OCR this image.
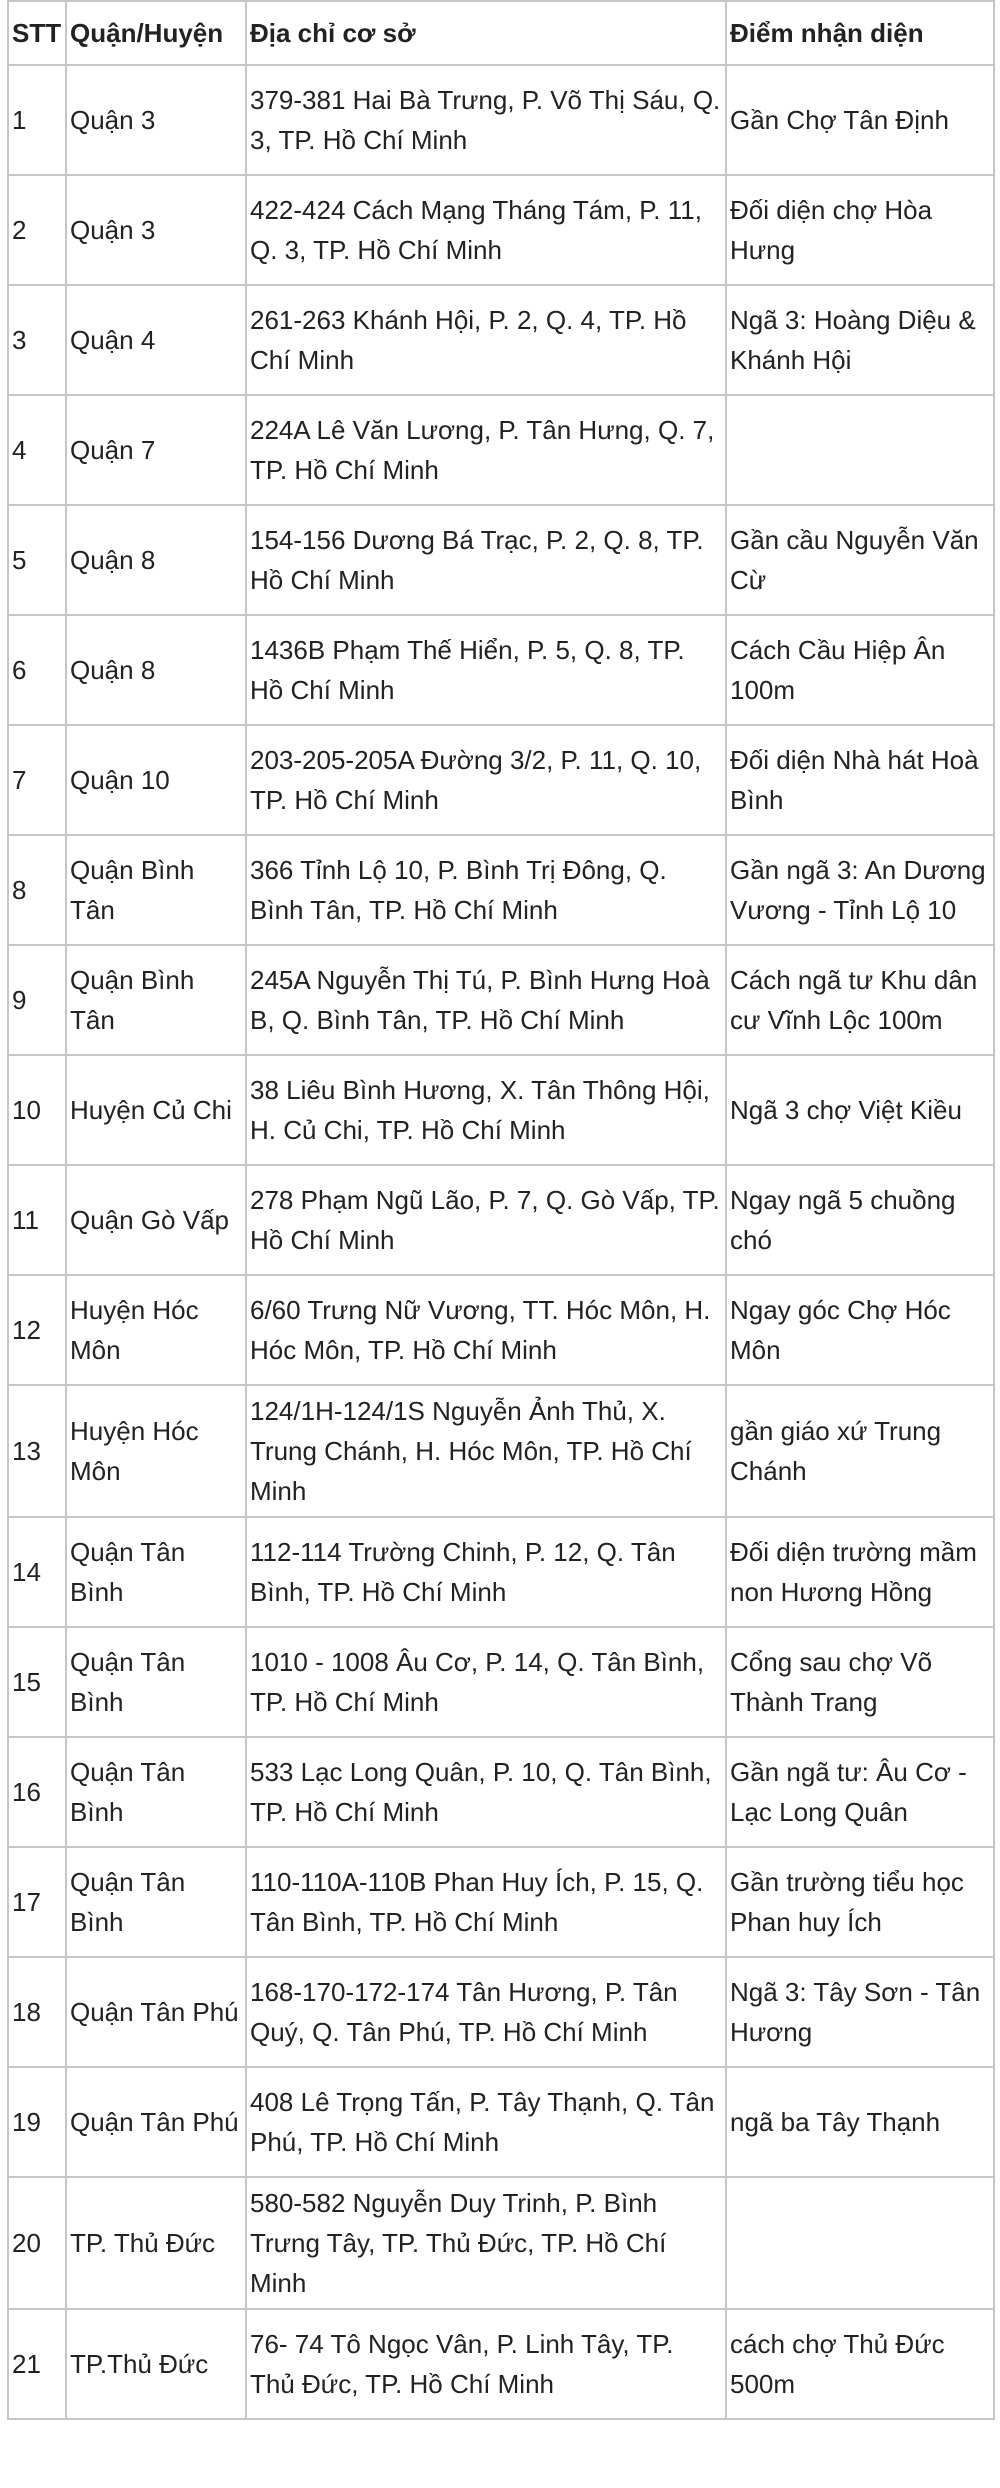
STT	Quận/Huyện	Địa chỉ cơ sở	Điểm nhận diện
1	Quận 3	379-381 Hai Bà Trưng, P. Võ Thị Sáu, Q. 3, TP. Hồ Chí Minh	Gần Chợ Tân Định
2	Quận 3	422-424 Cách Mạng Tháng Tám, P. 11, Q. 3, TP. Hồ Chí Minh	Đối diện chợ Hòa Hưng
3	Quận 4	261-263 Khánh Hội, P. 2, Q. 4, TP. Hồ Chí Minh	Ngã 3: Hoàng Diệu & Khánh Hội
4	Quận 7	224A Lê Văn Lương, P. Tân Hưng, Q. 7, TP. Hồ Chí Minh	
5	Quận 8	154-156 Dương Bá Trạc, P. 2, Q. 8, TP. Hồ Chí Minh	Gần cầu Nguyễn Văn Cừ
6	Quận 8	1436B Phạm Thế Hiển, P. 5, Q. 8, TP. Hồ Chí Minh	Cách Cầu Hiệp Ân 100m
7	Quận 10	203-205-205A Đường 3/2, P. 11, Q. 10, TP. Hồ Chí Minh	Đối diện Nhà hát Hoà Bình
8	Quận Bình Tân	366 Tỉnh Lộ 10, P. Bình Trị Đông, Q. Bình Tân, TP. Hồ Chí Minh	Gần ngã 3: An Dương Vương - Tỉnh Lộ 10
9	Quận Bình Tân	245A Nguyễn Thị Tú, P. Bình Hưng Hoà B, Q. Bình Tân, TP. Hồ Chí Minh	Cách ngã tư Khu dân cư Vĩnh Lộc 100m
10	Huyện Củ Chi	38 Liêu Bình Hương, X. Tân Thông Hội, H. Củ Chi, TP. Hồ Chí Minh	Ngã 3 chợ Việt Kiều
11	Quận Gò Vấp	278 Phạm Ngũ Lão, P. 7, Q. Gò Vấp, TP. Hồ Chí Minh	Ngay ngã 5 chuồng chó
12	Huyện Hóc Môn	6/60 Trưng Nữ Vương, TT. Hóc Môn, H. Hóc Môn, TP. Hồ Chí Minh	Ngay góc Chợ Hóc Môn
13	Huyện Hóc Môn	124/1H-124/1S Nguyễn Ảnh Thủ, X. Trung Chánh, H. Hóc Môn, TP. Hồ Chí Minh	gần giáo xứ Trung Chánh
14	Quận Tân Bình	112-114 Trường Chinh, P. 12, Q. Tân Bình, TP. Hồ Chí Minh	Đối diện trường mầm non Hương Hồng
15	Quận Tân Bình	1010 - 1008 Âu Cơ, P. 14, Q. Tân Bình, TP. Hồ Chí Minh	Cổng sau chợ Võ Thành Trang
16	Quận Tân Bình	533 Lạc Long Quân, P. 10, Q. Tân Bình, TP. Hồ Chí Minh	Gần ngã tư: Âu Cơ - Lạc Long Quân
17	Quận Tân Bình	110-110A-110B Phan Huy Ích, P. 15, Q. Tân Bình, TP. Hồ Chí Minh	Gần trường tiểu học Phan huy Ích
18	Quận Tân Phú	168-170-172-174 Tân Hương, P. Tân Quý, Q. Tân Phú, TP. Hồ Chí Minh	Ngã 3: Tây Sơn - Tân Hương
19	Quận Tân Phú	408 Lê Trọng Tấn, P. Tây Thạnh, Q. Tân Phú, TP. Hồ Chí Minh	ngã ba Tây Thạnh
20	TP. Thủ Đức	580-582 Nguyễn Duy Trinh, P. Bình Trưng Tây, TP. Thủ Đức, TP. Hồ Chí Minh	
21	TP.Thủ Đức	76- 74 Tô Ngọc Vân, P. Linh Tây, TP. Thủ Đức, TP. Hồ Chí Minh	cách chợ Thủ Đức 500m
